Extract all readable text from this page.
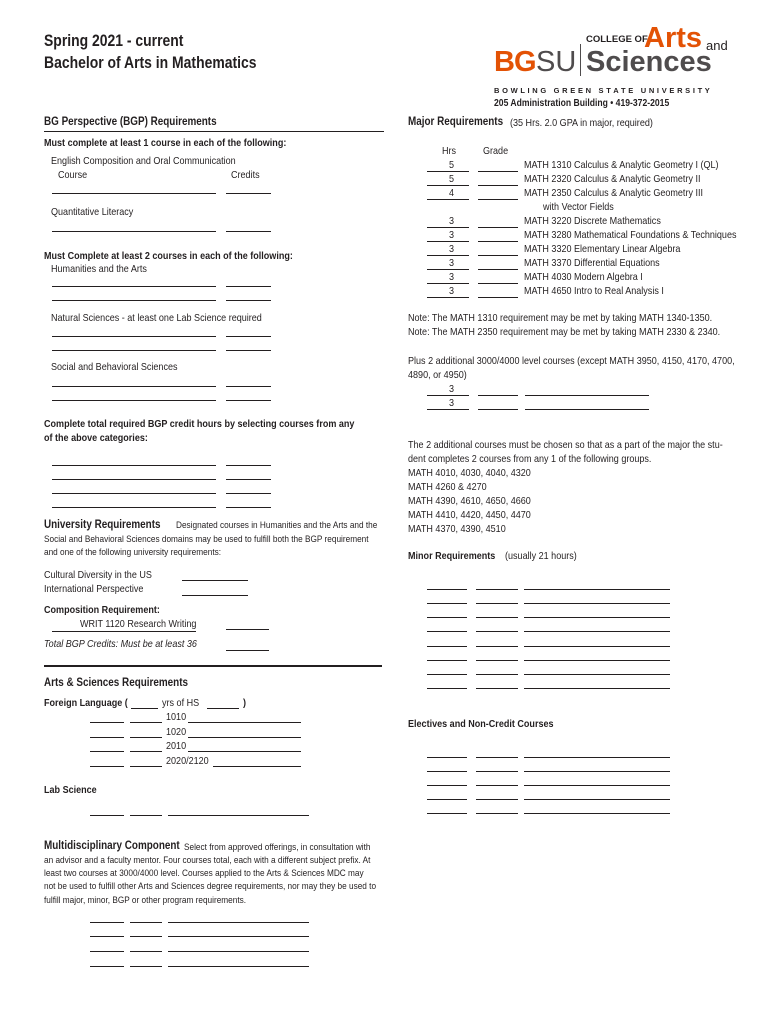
Spring 2021 - current
Bachelor of Arts in Mathematics	BG SU
COLLEGE OF
Arts and
Sciences
B O W L I N G   G R E E N   S T A T E   U N I V E R S I T Y
205 Administration Building • 419-372-2015
BG Perspective (BGP) Requirements
Must complete at least 1 course in each of the following:
English Composition and Oral Communication
Course	Credits
Quantitative Literacy
Must Complete at least 2 courses in each of the following:
Humanities and the Arts
Natural Sciences - at least one Lab Science required
Social and Behavioral Sciences
Complete total required BGP credit hours by selecting courses from any
of the above categories:
University Requirements Designated courses in Humanities and the Arts and the
Social and Behavioral Sciences domains may be used to fulfill both the BGP requirement
and one of the following university requirements:
Cultural Diversity in the US
International Perspective
Composition Requirement:
WRIT 1120 Research Writing
Total BGP Credits: Must be at least 36
Arts & Sciences Requirements
Foreign Language (	yrs of HS	)
1010
1020
2010
2020/2120
Lab Science
Multidisciplinary Component Select from approved offerings, in consultation with
an advisor and a faculty mentor. Four courses total, each with a different subject prefix. At
least two courses at 3000/4000 level. Courses applied to the Arts & Sciences MDC may
not be used to fulfill other Arts and Sciences degree requirements, nor may they be used to
fulfill major, minor, BGP or other program requirements.
Major Requirements (35 Hrs. 2.0 GPA in major, required)
Hrs	Grade
5	MATH 1310 Calculus & Analytic Geometry I (QL)
5	MATH 2320 Calculus & Analytic Geometry II
4	MATH 2350 Calculus & Analytic Geometry III
with Vector Fields
3	MATH 3220 Discrete Mathematics
3	MATH 3280 Mathematical Foundations & Techniques
3	MATH 3320 Elementary Linear Algebra
3	MATH 3370 Differential Equations
3	MATH 4030 Modern Algebra I
3	MATH 4650 Intro to Real Analysis I
Note: The MATH 1310 requirement may be met by taking MATH 1340-1350.
Note: The MATH 2350 requirement may be met by taking MATH 2330 & 2340.
Plus 2 additional 3000/4000 level courses (except MATH 3950, 4150, 4170, 4700,
4890, or 4950)
3
3
The 2 additional courses must be chosen so that as a part of the major the stu-
dent completes 2 courses from any 1 of the following groups.
MATH 4010, 4030, 4040, 4320
MATH 4260 & 4270
MATH 4390, 4610, 4650, 4660
MATH 4410, 4420, 4450, 4470
MATH 4370, 4390, 4510
Minor Requirements (usually 21 hours)
Electives and Non-Credit Courses
